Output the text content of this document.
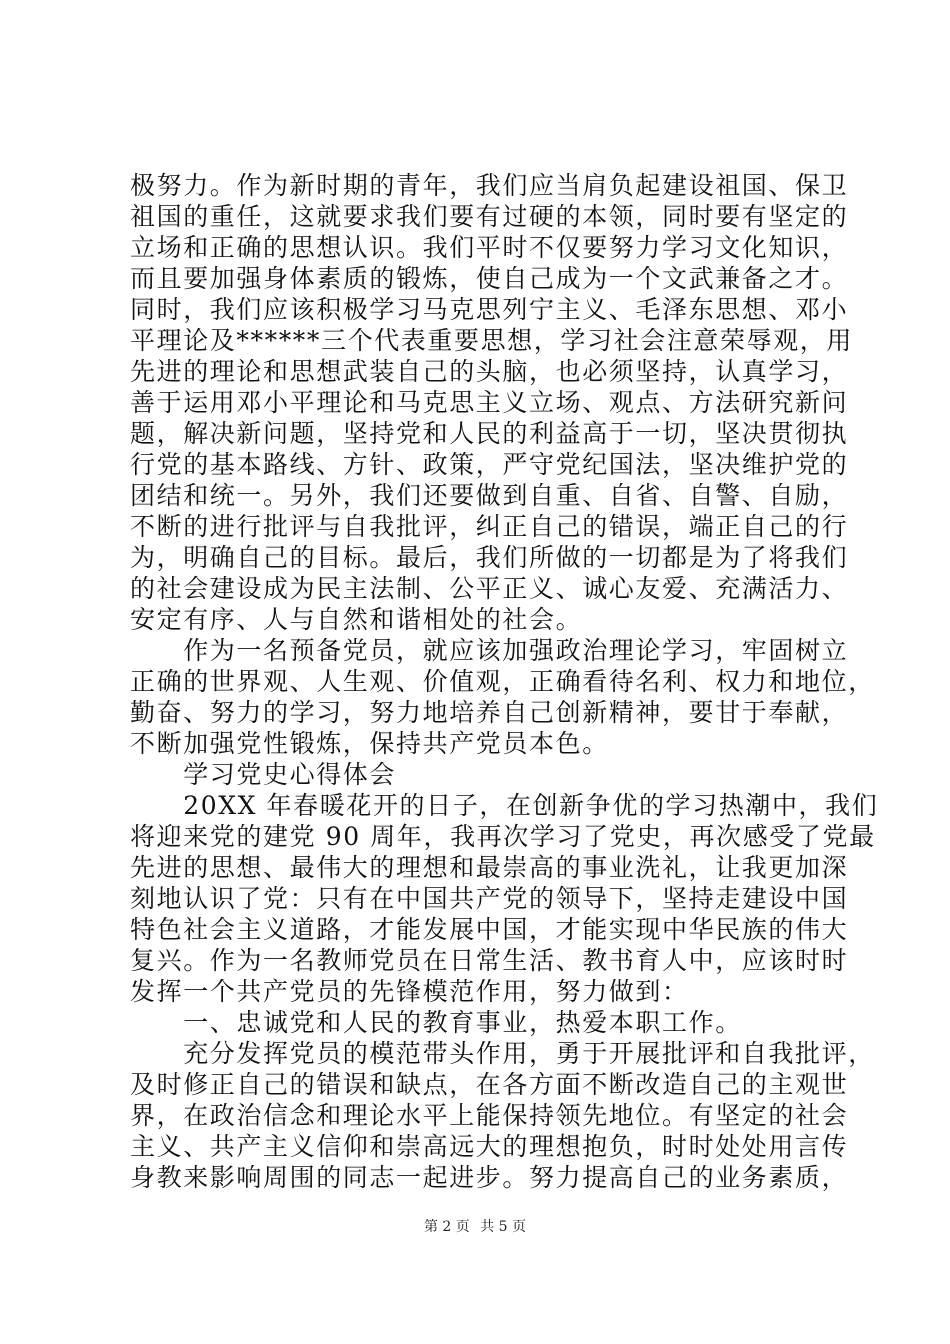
极努力。作为新时期的青年，我们应当肩负起建设祖国、保卫
祖国的重任，这就要求我们要有过硬的本领，同时要有坚定的
立场和正确的思想认识。我们平时不仅要努力学习文化知识，
而且要加强身体素质的锻炼，使自己成为一个文武兼备之才。
同时，我们应该积极学习马克思列宁主义、毛泽东思想、邓小
平理论及******三个代表重要思想，学习社会注意荣辱观，用
先进的理论和思想武装自己的头脑，也必须坚持，认真学习，
善于运用邓小平理论和马克思主义立场、观点、方法研究新问
题，解决新问题，坚持党和人民的利益高于一切，坚决贯彻执
行党的基本路线、方针、政策，严守党纪国法，坚决维护党的
团结和统一。另外，我们还要做到自重、自省、自警、自励，
不断的进行批评与自我批评，纠正自己的错误，端正自己的行
为，明确自己的目标。最后，我们所做的一切都是为了将我们
的社会建设成为民主法制、公平正义、诚心友爱、充满活力、
安定有序、人与自然和谐相处的社会。
　　作为一名预备党员，就应该加强政治理论学习，牢固树立
正确的世界观、人生观、价值观，正确看待名利、权力和地位，
勤奋、努力的学习，努力地培养自己创新精神，要甘于奉献，
不断加强党性锻炼，保持共产党员本色。
　　学习党史心得体会
　　20XX 年春暖花开的日子，在创新争优的学习热潮中，我们
将迎来党的建党 90 周年，我再次学习了党史，再次感受了党最
先进的思想、最伟大的理想和最崇高的事业洗礼，让我更加深
刻地认识了党：只有在中国共产党的领导下，坚持走建设中国
特色社会主义道路，才能发展中国，才能实现中华民族的伟大
复兴。作为一名教师党员在日常生活、教书育人中，应该时时
发挥一个共产党员的先锋模范作用，努力做到：
　　一、忠诚党和人民的教育事业，热爱本职工作。
　　充分发挥党员的模范带头作用，勇于开展批评和自我批评，
及时修正自己的错误和缺点，在各方面不断改造自己的主观世
界，在政治信念和理论水平上能保持领先地位。有坚定的社会
主义、共产主义信仰和崇高远大的理想抱负，时时处处用言传
身教来影响周围的同志一起进步。努力提高自己的业务素质，
第 2 页 共 5 页
